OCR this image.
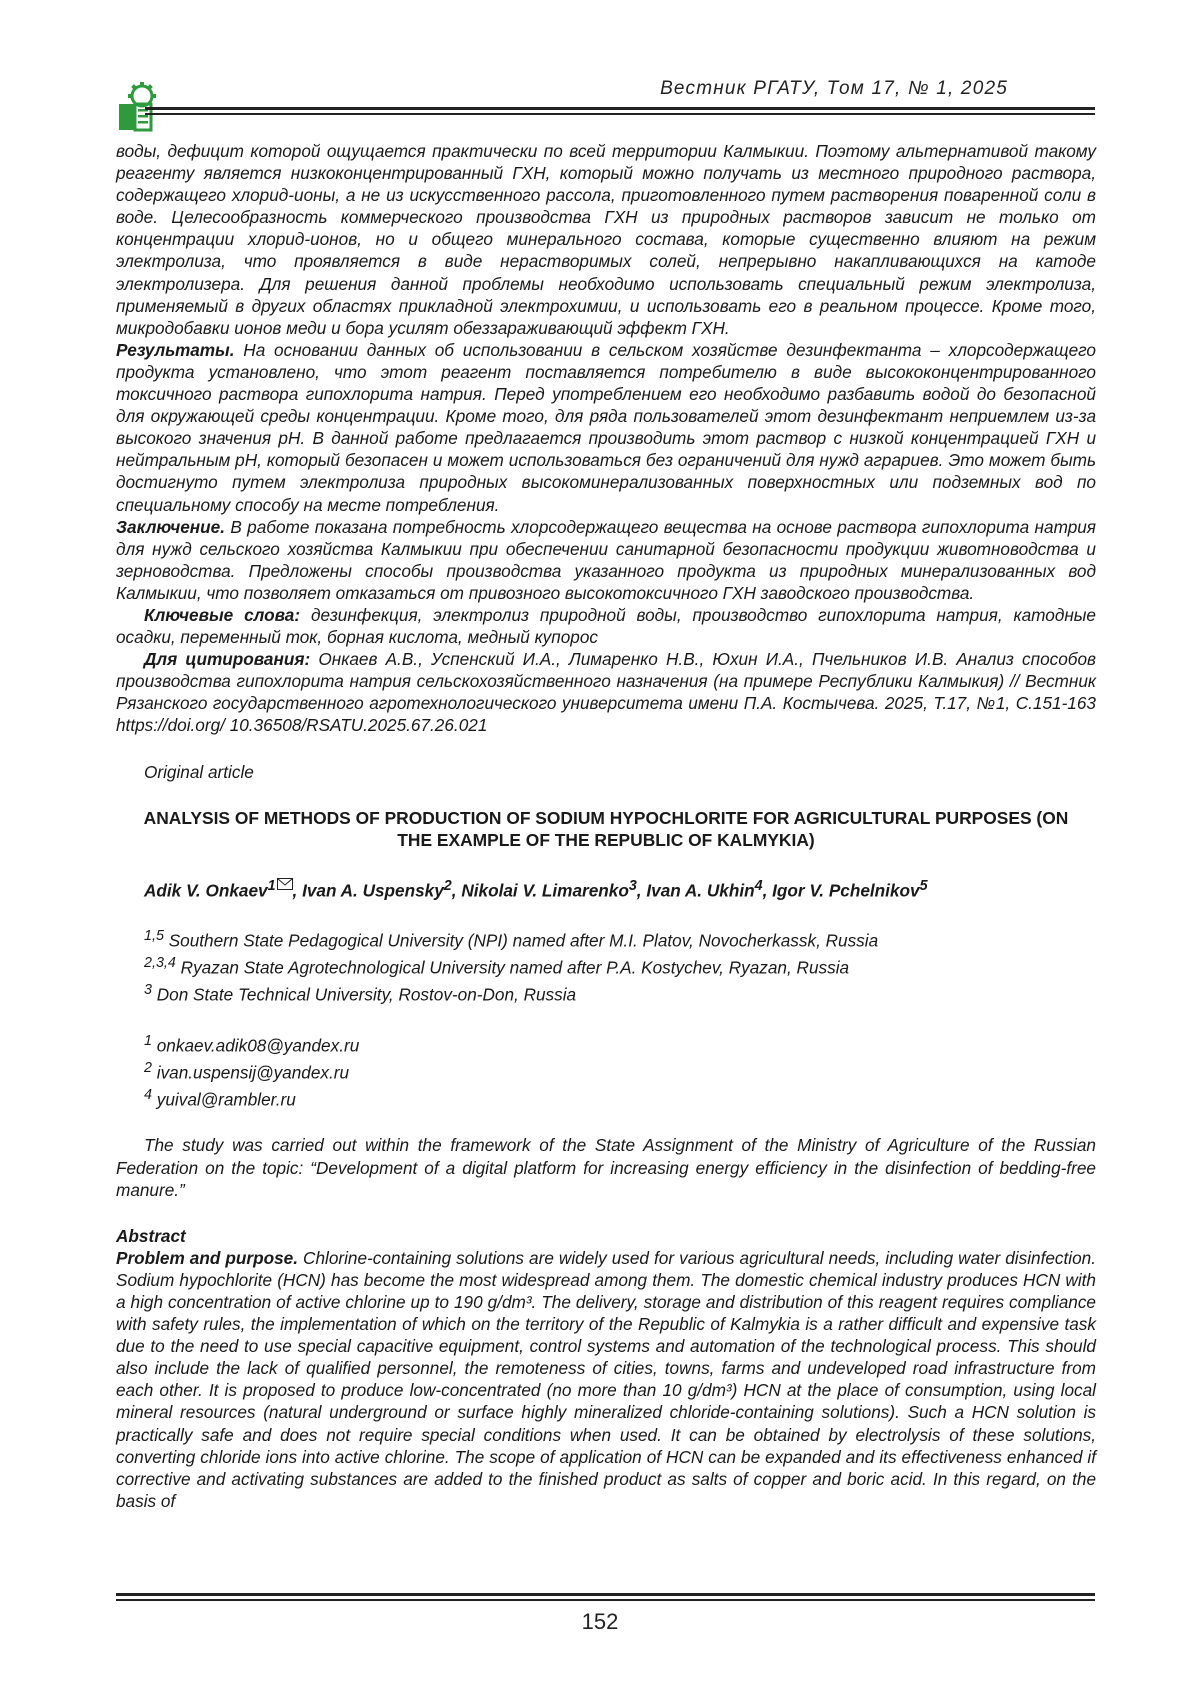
Вестник РГАТУ, Том 17, № 1, 2025

воды, дефицит которой ощущается практически по всей территории Калмыкии. Поэтому альтернативой такому реагенту является низкоконцентрированный ГХН, который можно получать из местного природного раствора, содержащего хлорид-ионы, а не из искусственного рассола, приготовленного путем растворения поваренной соли в воде. Целесообразность коммерческого производства ГХН из природных растворов зависит не только от концентрации хлорид-ионов, но и общего минерального состава, которые существенно влияют на режим электролиза, что проявляется в виде нерастворимых солей, непрерывно накапливающихся на катоде электролизера. Для решения данной проблемы необходимо использовать специальный режим электролиза, применяемый в других областях прикладной электрохимии, и использовать его в реальном процессе. Кроме того, микродобавки ионов меди и бора усилят обеззараживающий эффект ГХН.

Результаты. На основании данных об использовании в сельском хозяйстве дезинфектанта – хлорсодержащего продукта установлено, что этот реагент поставляется потребителю в виде высококонцентрированного токсичного раствора гипохлорита натрия. Перед употреблением его необходимо разбавить водой до безопасной для окружающей среды концентрации. Кроме того, для ряда пользователей этот дезинфектант неприемлем из-за высокого значения pH. В данной работе предлагается производить этот раствор с низкой концентрацией ГХН и нейтральным pH, который безопасен и может использоваться без ограничений для нужд аграриев. Это может быть достигнуто путем электролиза природных высокоминерализованных поверхностных или подземных вод по специальному способу на месте потребления.

Заключение. В работе показана потребность хлорсодержащего вещества на основе раствора гипохлорита натрия для нужд сельского хозяйства Калмыкии при обеспечении санитарной безопасности продукции животноводства и зерноводства. Предложены способы производства указанного продукта из природных минерализованных вод Калмыкии, что позволяет отказаться от привозного высокотоксичного ГХН заводского производства.

Ключевые слова: дезинфекция, электролиз природной воды, производство гипохлорита натрия, катодные осадки, переменный ток, борная кислота, медный купорос

Для цитирования: Онкаев А.В., Успенский И.А., Лимаренко Н.В., Юхин И.А., Пчельников И.В. Анализ способов производства гипохлорита натрия сельскохозяйственного назначения (на примере Республики Калмыкия) // Вестник Рязанского государственного агротехнологического университета имени П.А. Костычева. 2025, Т.17, №1, С.151-163 https://doi.org/ 10.36508/RSATU.2025.67.26.021

Original article

ANALYSIS OF METHODS OF PRODUCTION OF SODIUM HYPOCHLORITE FOR AGRICULTURAL PURPOSES (ON THE EXAMPLE OF THE REPUBLIC OF KALMYKIA)

Adik V. Onkaev$^1$ , Ivan A. Uspensky$^2$, Nikolai V. Limarenko$^3$, Ivan A. Ukhin$^4$, Igor V. Pchelnikov$^5$

$^{1,5}$ Southern State Pedagogical University (NPI) named after M.I. Platov, Novocherkassk, Russia

$^{2,3,4}$ Ryazan State Agrotechnological University named after P.A. Kostychev, Ryazan, Russia

$^3$ Don State Technical University, Rostov-on-Don, Russia

$^1$ onkaev.adik08@yandex.ru

$^2$ ivan.uspensij@yandex.ru

$^4$ yuival@rambler.ru

The study was carried out within the framework of the State Assignment of the Ministry of Agriculture of the Russian Federation on the topic: “Development of a digital platform for increasing energy efficiency in the disinfection of bedding-free manure.”

Abstract

Problem and purpose. Chlorine-containing solutions are widely used for various agricultural needs, including water disinfection. Sodium hypochlorite (HCN) has become the most widespread among them. The domestic chemical industry produces HCN with a high concentration of active chlorine up to 190 g/dm³. The delivery, storage and distribution of this reagent requires compliance with safety rules, the implementation of which on the territory of the Republic of Kalmykia is a rather difficult and expensive task due to the need to use special capacitive equipment, control systems and automation of the technological process. This should also include the lack of qualified personnel, the remoteness of cities, towns, farms and undeveloped road infrastructure from each other. It is proposed to produce low-concentrated (no more than 10 g/dm³) HCN at the place of consumption, using local mineral resources (natural underground or surface highly mineralized chloride-containing solutions). Such a HCN solution is practically safe and does not require special conditions when used. It can be obtained by electrolysis of these solutions, converting chloride ions into active chlorine. The scope of application of HCN can be expanded and its effectiveness enhanced if corrective and activating substances are added to the finished product as salts of copper and boric acid. In this regard, on the basis of

152
